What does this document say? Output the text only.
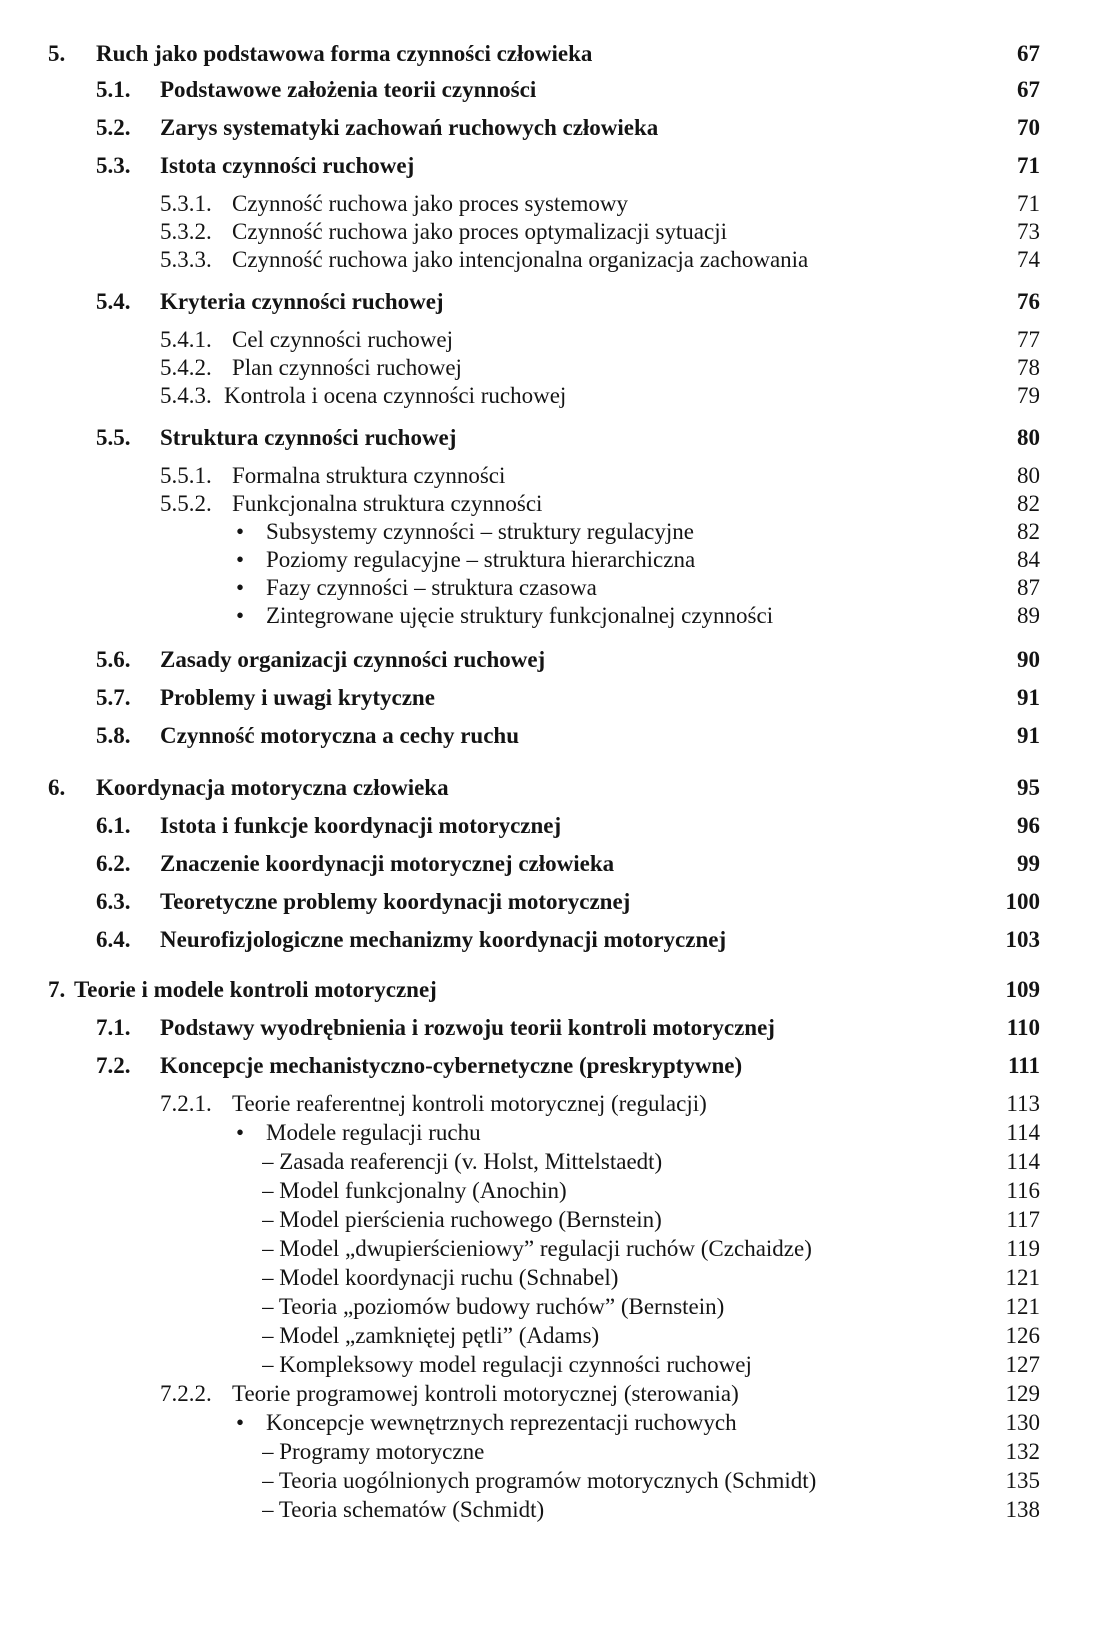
5. Ruch jako podstawowa forma czynności człowieka	67
5.1. Podstawowe założenia teorii czynności	67
5.2. Zarys systematyki zachowań ruchowych człowieka	70
5.3. Istota czynności ruchowej	71
5.3.1. Czynność ruchowa jako proces systemowy	71
5.3.2. Czynność ruchowa jako proces optymalizacji sytuacji	73
5.3.3. Czynność ruchowa jako intencjonalna organizacja zachowania	74
5.4. Kryteria czynności ruchowej	76
5.4.1. Cel czynności ruchowej	77
5.4.2. Plan czynności ruchowej	78
5.4.3. Kontrola i ocena czynności ruchowej	79
5.5. Struktura czynności ruchowej	80
5.5.1. Formalna struktura czynności	80
5.5.2. Funkcjonalna struktura czynności	82
• Subsystemy czynności – struktury regulacyjne	82
• Poziomy regulacyjne – struktura hierarchiczna	84
• Fazy czynności – struktura czasowa	87
• Zintegrowane ujęcie struktury funkcjonalnej czynności	89
5.6. Zasady organizacji czynności ruchowej	90
5.7. Problemy i uwagi krytyczne	91
5.8. Czynność motoryczna a cechy ruchu	91
6. Koordynacja motoryczna człowieka	95
6.1. Istota i funkcje koordynacji motorycznej	96
6.2. Znaczenie koordynacji motorycznej człowieka	99
6.3. Teoretyczne problemy koordynacji motorycznej	100
6.4. Neurofizjologiczne mechanizmy koordynacji motorycznej	103
7. Teorie i modele kontroli motorycznej	109
7.1. Podstawy wyodrębnienia i rozwoju teorii kontroli motorycznej	110
7.2. Koncepcje mechanistyczno-cybernetyczne (preskryptywne)	111
7.2.1. Teorie reaferentnej kontroli motorycznej (regulacji)	113
• Modele regulacji ruchu	114
– Zasada reaferencji (v. Holst, Mittelstaedt)	114
– Model funkcjonalny (Anochin)	116
– Model pierścienia ruchowego (Bernstein)	117
– Model „dwupierścieniowy” regulacji ruchów (Czchaidze)	119
– Model koordynacji ruchu (Schnabel)	121
– Teoria „poziomów budowy ruchów” (Bernstein)	121
– Model „zamkniętej pętli” (Adams)	126
– Kompleksowy model regulacji czynności ruchowej	127
7.2.2. Teorie programowej kontroli motorycznej (sterowania)	129
• Koncepcje wewnętrznych reprezentacji ruchowych	130
– Programy motoryczne	132
– Teoria uogólnionych programów motorycznych (Schmidt)	135
– Teoria schematów (Schmidt)	138
